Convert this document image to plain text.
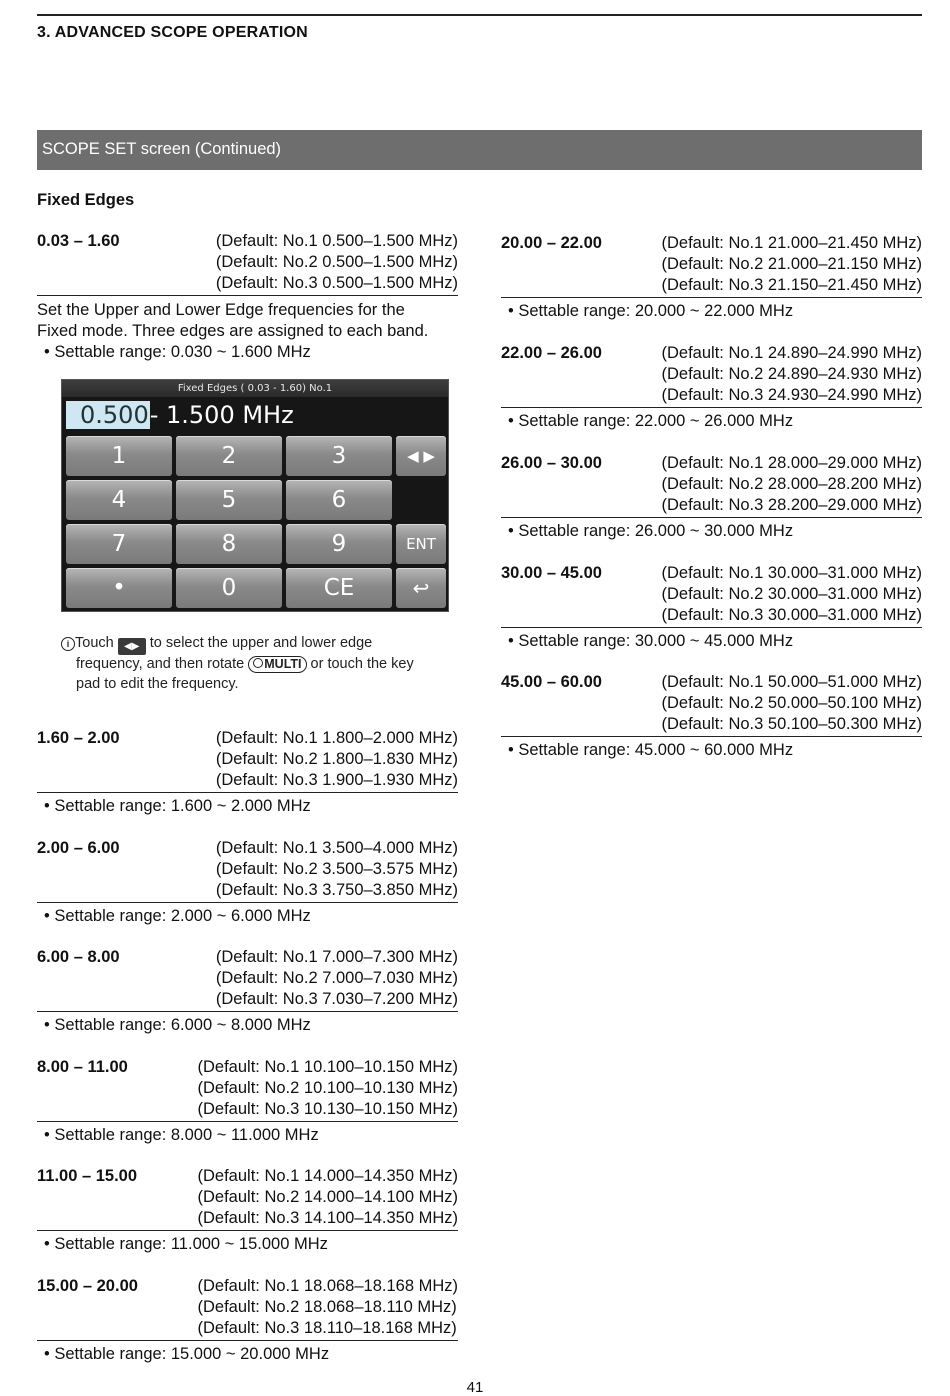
3. ADVANCED SCOPE OPERATION
SCOPE SET screen (Continued)
Fixed Edges
0.03 – 1.60	(Default: No.1 0.500–1.500 MHz)
(Default: No.2 0.500–1.500 MHz)
(Default: No.3 0.500–1.500 MHz)
Set the Upper and Lower Edge frequencies for the
Fixed mode. Three edges are assigned to each band.
• Settable range: 0.030 ~ 1.600 MHz
1.60 – 2.00	(Default: No.1 1.800–2.000 MHz)
(Default: No.2 1.800–1.830 MHz)
(Default: No.3 1.900–1.930 MHz)
• Settable range: 1.600 ~ 2.000 MHz
2.00 – 6.00	(Default: No.1 3.500–4.000 MHz)
(Default: No.2 3.500–3.575 MHz)
(Default: No.3 3.750–3.850 MHz)
• Settable range: 2.000 ~ 6.000 MHz
6.00 – 8.00	(Default: No.1 7.000–7.300 MHz)
(Default: No.2 7.000–7.030 MHz)
(Default: No.3 7.030–7.200 MHz)
• Settable range: 6.000 ~ 8.000 MHz
8.00 – 11.00	(Default: No.1 10.100–10.150 MHz)
(Default: No.2 10.100–10.130 MHz)
(Default: No.3 10.130–10.150 MHz)
• Settable range: 8.000 ~ 11.000 MHz
11.00 – 15.00	(Default: No.1 14.000–14.350 MHz)
(Default: No.2 14.000–14.100 MHz)
(Default: No.3 14.100–14.350 MHz)
• Settable range: 11.000 ~ 15.000 MHz
15.00 – 20.00	(Default: No.1 18.068–18.168 MHz)
(Default: No.2 18.068–18.110 MHz)
(Default: No.3 18.110–18.168 MHz)
• Settable range: 15.000 ~ 20.000 MHz
Fixed Edges ( 0.03 - 1.60) No.1
0.500- 1.500 MHz
1	2	3	◀ ▶
4	5	6
7	8	9	ENT
•	0	CE	↩
i Touch ◀▶ to select the upper and lower edge
frequency, and then rotate MULTI or touch the key
pad to edit the frequency.
20.00 – 22.00	(Default: No.1 21.000–21.450 MHz)
(Default: No.2 21.000–21.150 MHz)
(Default: No.3 21.150–21.450 MHz)
• Settable range: 20.000 ~ 22.000 MHz
22.00 – 26.00	(Default: No.1 24.890–24.990 MHz)
(Default: No.2 24.890–24.930 MHz)
(Default: No.3 24.930–24.990 MHz)
• Settable range: 22.000 ~ 26.000 MHz
26.00 – 30.00	(Default: No.1 28.000–29.000 MHz)
(Default: No.2 28.000–28.200 MHz)
(Default: No.3 28.200–29.000 MHz)
• Settable range: 26.000 ~ 30.000 MHz
30.00 – 45.00	(Default: No.1 30.000–31.000 MHz)
(Default: No.2 30.000–31.000 MHz)
(Default: No.3 30.000–31.000 MHz)
• Settable range: 30.000 ~ 45.000 MHz
45.00 – 60.00	(Default: No.1 50.000–51.000 MHz)
(Default: No.2 50.000–50.100 MHz)
(Default: No.3 50.100–50.300 MHz)
• Settable range: 45.000 ~ 60.000 MHz
41
